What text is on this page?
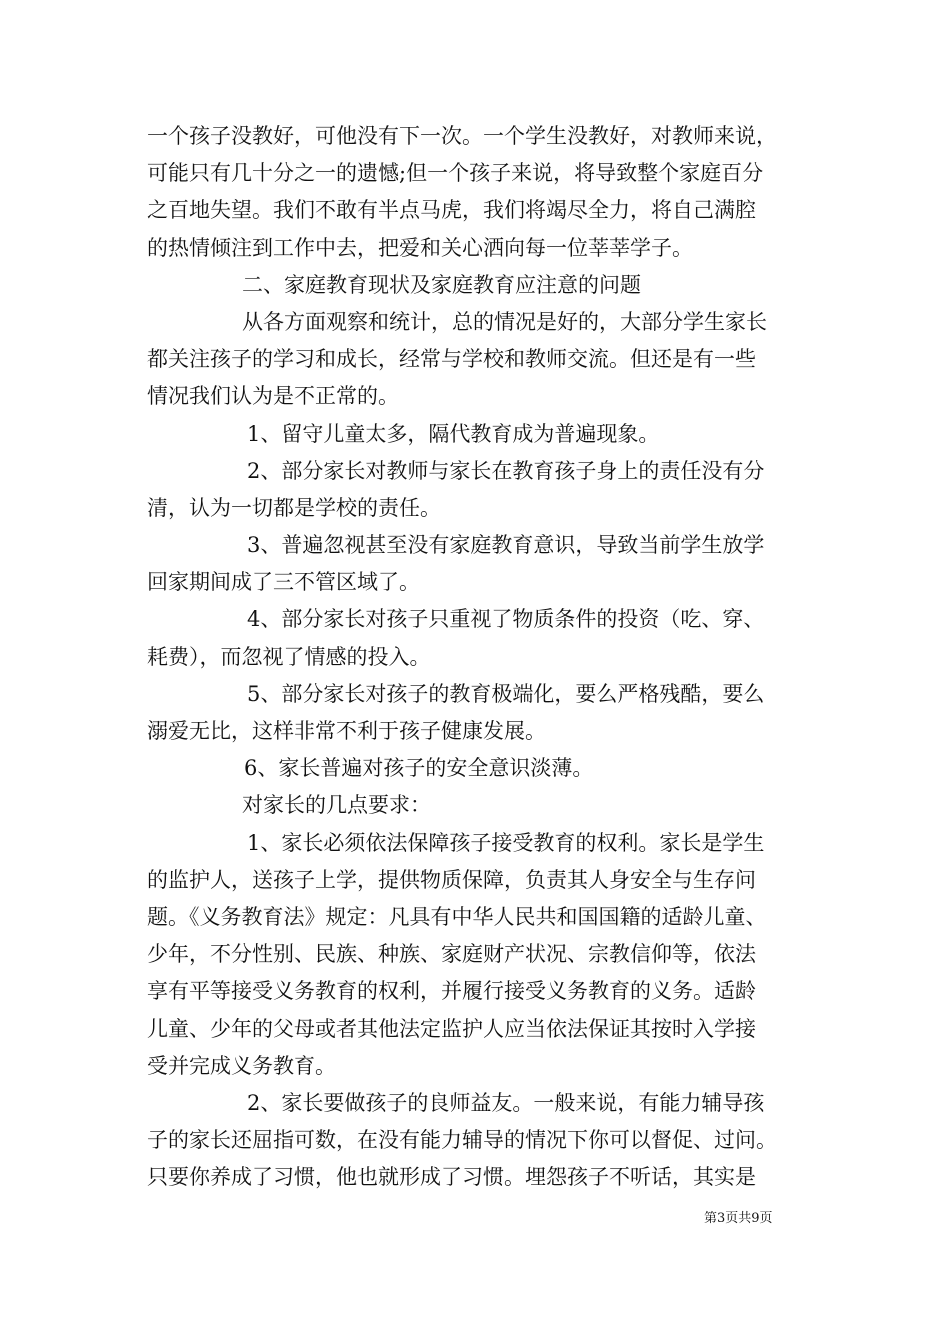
一个孩子没教好，可他没有下一次。一个学生没教好，对教师来说，
可能只有几十分之一的遗憾;但一个孩子来说，将导致整个家庭百分
之百地失望。我们不敢有半点马虎，我们将竭尽全力，将自己满腔
的热情倾注到工作中去，把爱和关心洒向每一位莘莘学子。
二、家庭教育现状及家庭教育应注意的问题
从各方面观察和统计，总的情况是好的，大部分学生家长
都关注孩子的学习和成长，经常与学校和教师交流。但还是有一些
情况我们认为是不正常的。
1、留守儿童太多，隔代教育成为普遍现象。
2、部分家长对教师与家长在教育孩子身上的责任没有分
清，认为一切都是学校的责任。
3、普遍忽视甚至没有家庭教育意识，导致当前学生放学
回家期间成了三不管区域了。
4、部分家长对孩子只重视了物质条件的投资（吃、穿、
耗费），而忽视了情感的投入。
5、部分家长对孩子的教育极端化，要么严格残酷，要么
溺爱无比，这样非常不利于孩子健康发展。
6、家长普遍对孩子的安全意识淡薄。
对家长的几点要求：
1、家长必须依法保障孩子接受教育的权利。家长是学生
的监护人，送孩子上学，提供物质保障，负责其人身安全与生存问
题。《义务教育法》规定：凡具有中华人民共和国国籍的适龄儿童、
少年，不分性别、民族、种族、家庭财产状况、宗教信仰等，依法
享有平等接受义务教育的权利，并履行接受义务教育的义务。适龄
儿童、少年的父母或者其他法定监护人应当依法保证其按时入学接
受并完成义务教育。
2、家长要做孩子的良师益友。一般来说，有能力辅导孩
子的家长还屈指可数，在没有能力辅导的情况下你可以督促、过问。
只要你养成了习惯，他也就形成了习惯。埋怨孩子不听话，其实是
第3页共9页
